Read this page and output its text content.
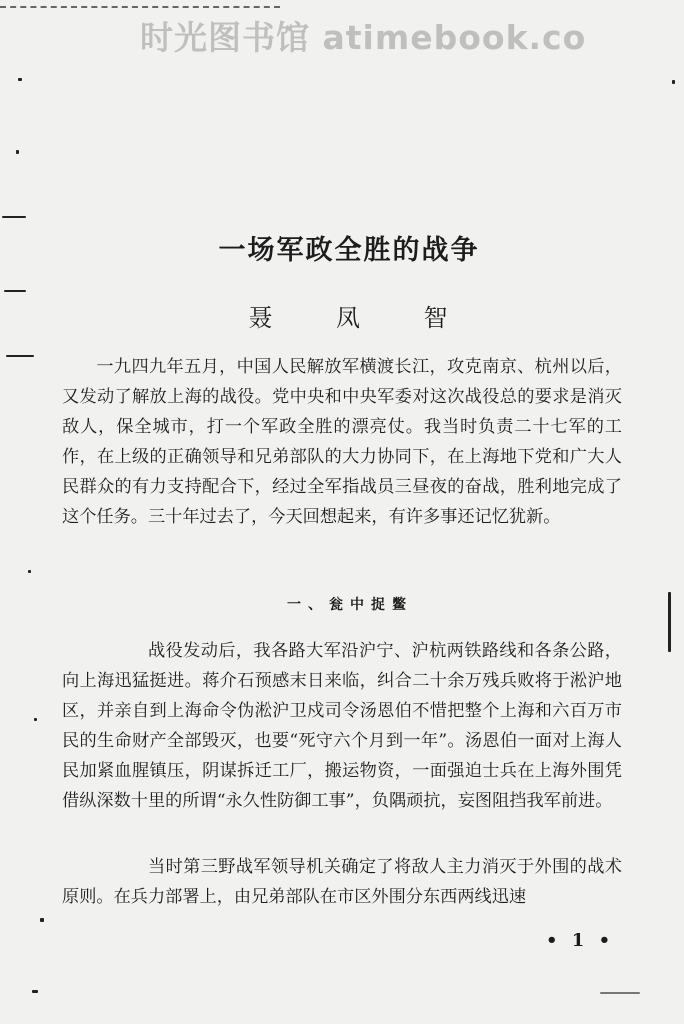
时光图书馆 atimebook.co
一场军政全胜的战争
聂 凤 智

一九四九年五月，中国人民解放军横渡长江，攻克南京、杭州以后，又发动了解放上海的战役。党中央和中央军委对这次战役总的要求是消灭敌人，保全城市，打一个军政全胜的漂亮仗。我当时负责二十七军的工作，在上级的正确领导和兄弟部队的大力协同下，在上海地下党和广大人民群众的有力支持配合下，经过全军指战员三昼夜的奋战，胜利地完成了这个任务。三十年过去了，今天回想起来，有许多事还记忆犹新。

一、瓮中捉鳖

战役发动后，我各路大军沿沪宁、沪杭两铁路线和各条公路，向上海迅猛挺进。蒋介石预感末日来临，纠合二十余万残兵败将于淞沪地区，并亲自到上海命令伪淞沪卫戍司令汤恩伯不惜把整个上海和六百万市民的生命财产全部毁灭，也要“死守六个月到一年”。汤恩伯一面对上海人民加紧血腥镇压，阴谋拆迁工厂，搬运物资，一面强迫士兵在上海外围凭借纵深数十里的所谓“永久性防御工事”，负隅顽抗，妄图阻挡我军前进。

当时第三野战军领导机关确定了将敌人主力消灭于外围的战术原则。在兵力部署上，由兄弟部队在市区外围分东西两线迅速

• 1 •
